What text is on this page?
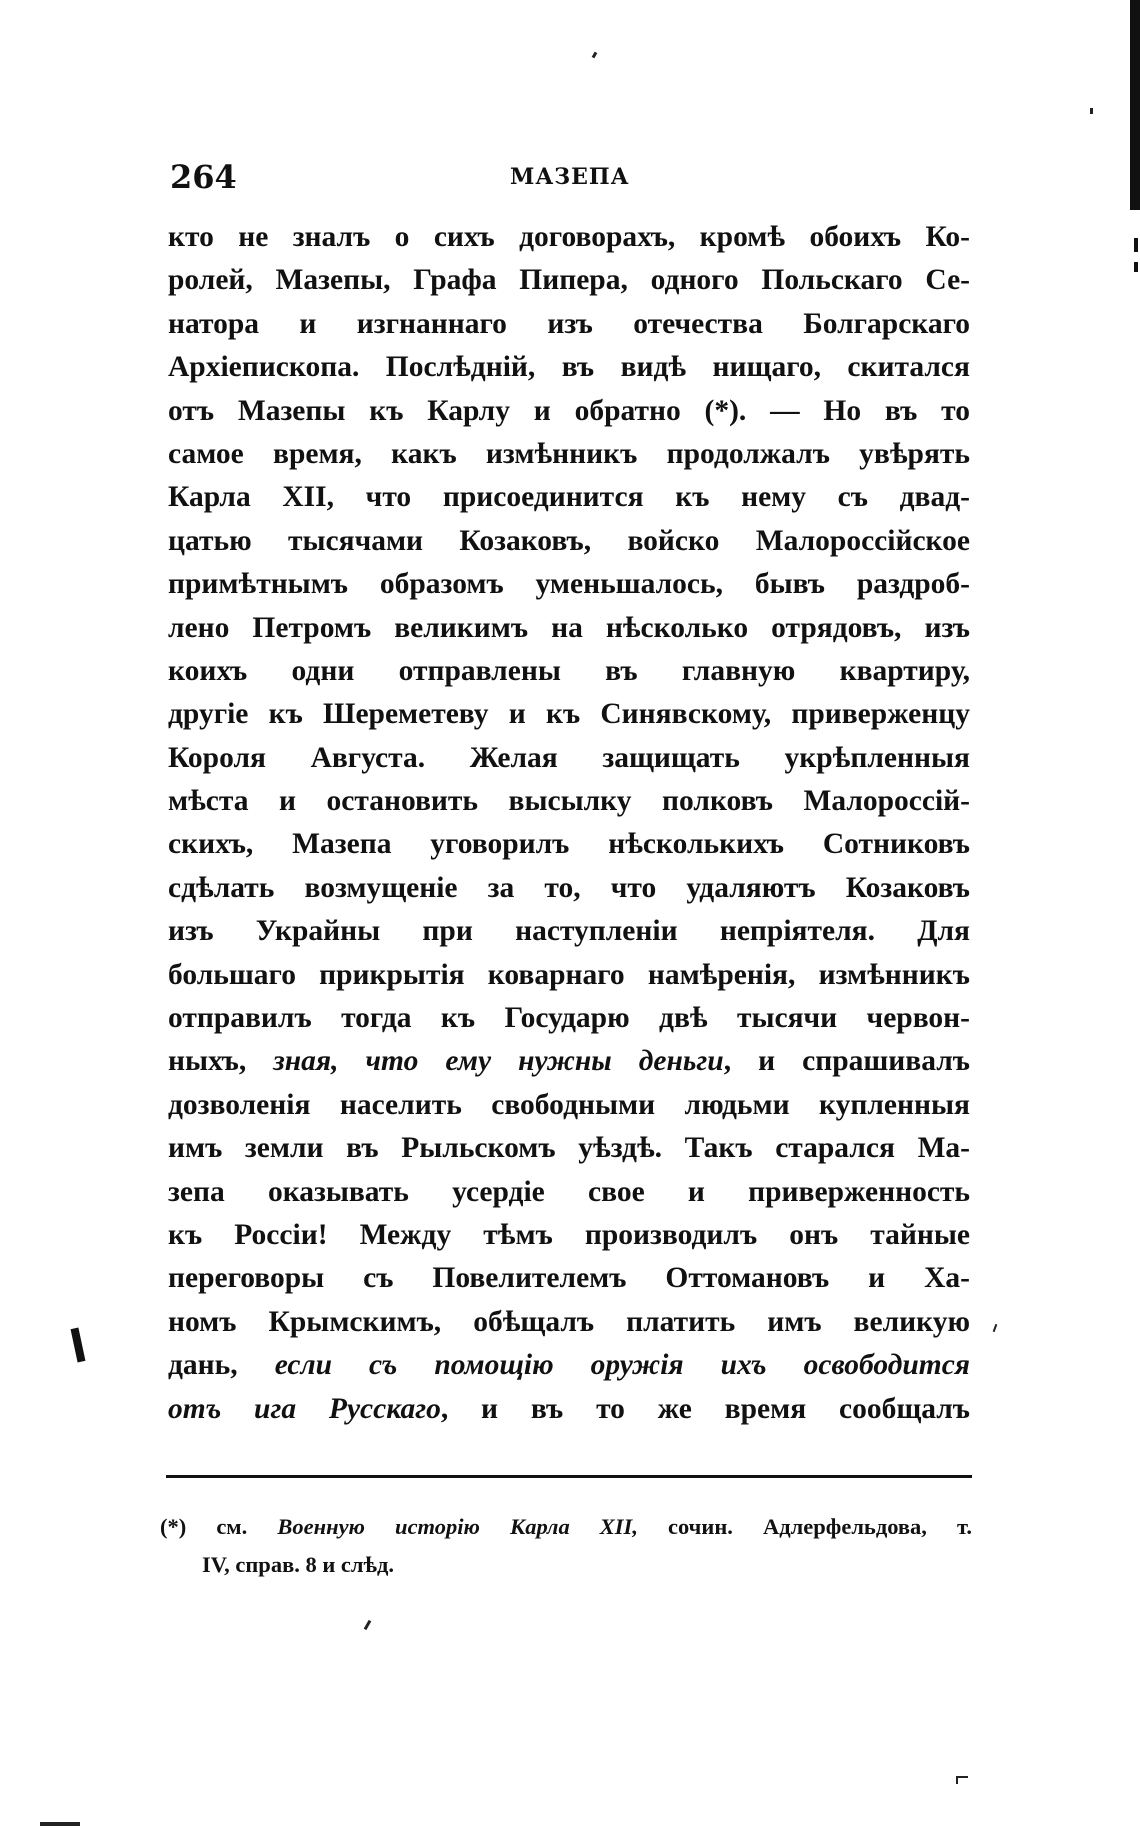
264	МАЗЕПА
кто не зналъ о сихъ договорахъ, кромѣ обоихъ Ко-
ролей, Мазепы, Графа Пипера, одного Польскаго Се-
натора и изгнаннаго изъ отечества Болгарскаго
Архіепископа. Послѣдній, въ видѣ нищаго, скитался
отъ Мазепы къ Карлу и обратно (*). — Но въ то
самое время, какъ измѣнникъ продолжалъ увѣрять
Карла XII, что присоединится къ нему съ двад-
цатью тысячами Козаковъ, войско Малороссійское
примѣтнымъ образомъ уменьшалось, бывъ раздроб-
лено Петромъ великимъ на нѣсколько отрядовъ, изъ
коихъ одни отправлены въ главную квартиру,
другіе къ Шереметеву и къ Синявскому, приверженцу
Короля Августа. Желая защищать укрѣпленныя
мѣста и остановить высылку полковъ Малороссій-
скихъ, Мазепа уговорилъ нѣсколькихъ Сотниковъ
сдѣлать возмущеніе за то, что удаляютъ Козаковъ
изъ Украйны при наступленіи непріятеля. Для
большаго прикрытія коварнаго намѣренія, измѣнникъ
отправилъ тогда къ Государю двѣ тысячи червон-
ныхъ, зная, что ему нужны деньги, и спрашивалъ
дозволенія населить свободными людьми купленныя
имъ земли въ Рыльскомъ уѣздѣ. Такъ старался Ма-
зепа оказывать усердіе свое и приверженность
къ Россіи! Между тѣмъ производилъ онъ тайные
переговоры съ Повелителемъ Оттомановъ и Ха-
номъ Крымскимъ, обѣщалъ платить имъ великую
дань, если съ помощію оружія ихъ освободится
отъ ига Русскаго, и въ то же время сообщалъ
(*) см. Военную исторію Карла XII, сочин. Адлерфельдова, т.
IV, справ. 8 и слѣд.
